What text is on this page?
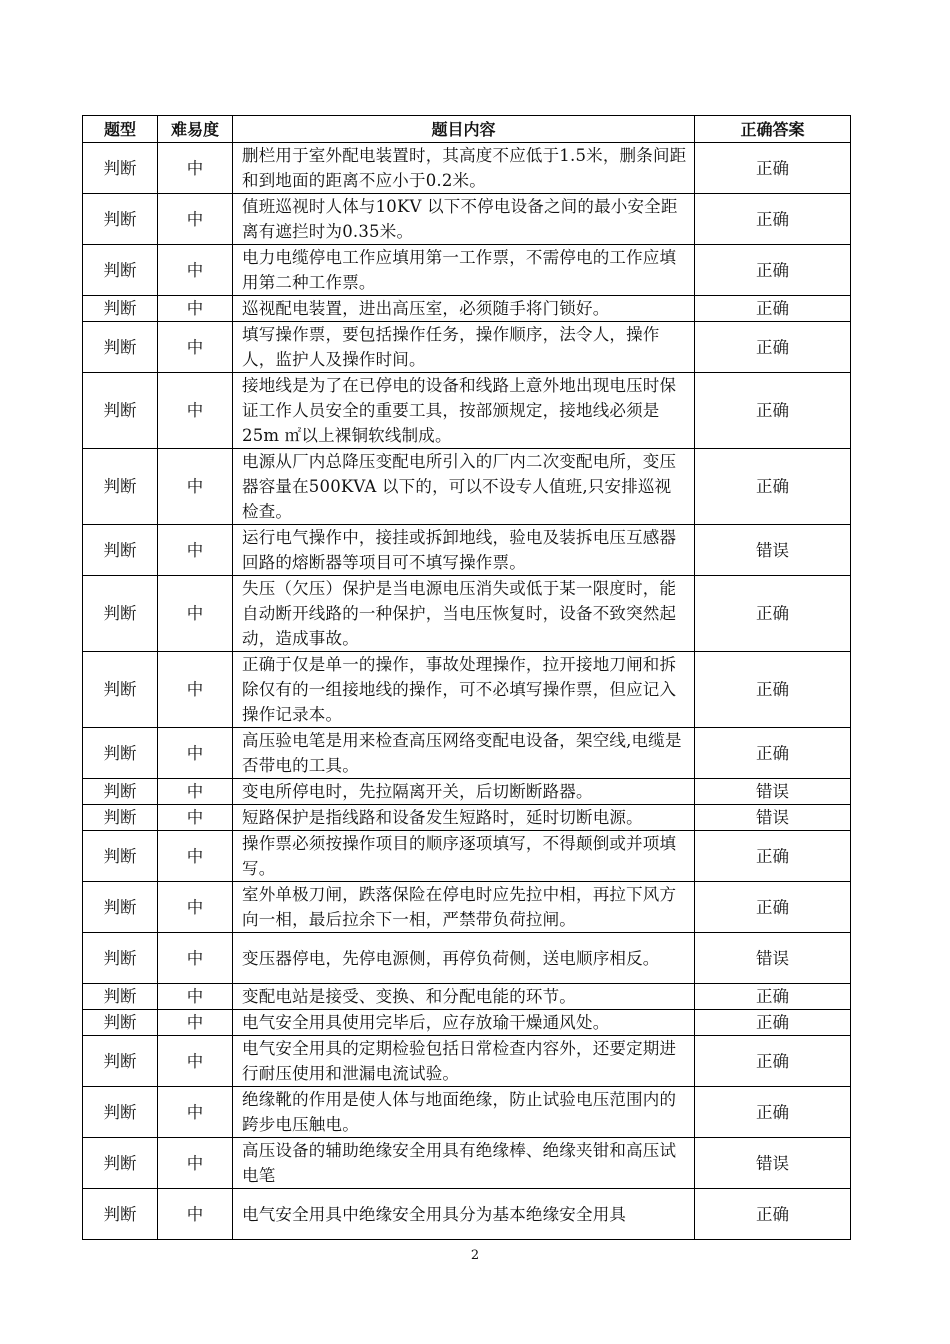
题型	难易度	题目内容	正确答案
判断	中	删栏用于室外配电装置时，其高度不应低于1.5米，删条间距和到地面的距离不应小于0.2米。	正确
判断	中	值班巡视时人体与10KV 以下不停电设备之间的最小安全距离有遮拦时为0.35米。	正确
判断	中	电力电缆停电工作应填用第一工作票，不需停电的工作应填用第二种工作票。	正确
判断	中	巡视配电装置，进出高压室，必须随手将门锁好。	正确
判断	中	填写操作票，要包括操作任务，操作顺序，法令人，操作人，监护人及操作时间。	正确
判断	中	接地线是为了在已停电的设备和线路上意外地出现电压时保证工作人员安全的重要工具，按部颁规定，接地线必须是25m ㎡以上裸铜软线制成。	正确
判断	中	电源从厂内总降压变配电所引入的厂内二次变配电所，变压器容量在500KVA 以下的，可以不设专人值班,只安排巡视检查。	正确
判断	中	运行电气操作中，接挂或拆卸地线，验电及装拆电压互感器回路的熔断器等项目可不填写操作票。	错误
判断	中	失压（欠压）保护是当电源电压消失或低于某一限度时，能自动断开线路的一种保护，当电压恢复时，设备不致突然起动，造成事故。	正确
判断	中	正确于仅是单一的操作，事故处理操作，拉开接地刀闸和拆除仅有的一组接地线的操作，可不必填写操作票，但应记入操作记录本。	正确
判断	中	高压验电笔是用来检查高压网络变配电设备，架空线,电缆是否带电的工具。	正确
判断	中	变电所停电时，先拉隔离开关，后切断断路器。	错误
判断	中	短路保护是指线路和设备发生短路时，延时切断电源。	错误
判断	中	操作票必须按操作项目的顺序逐项填写，不得颠倒或并项填写。	正确
判断	中	室外单极刀闸，跌落保险在停电时应先拉中相，再拉下风方向一相，最后拉余下一相，严禁带负荷拉闸。	正确
判断	中	变压器停电，先停电源侧，再停负荷侧，送电顺序相反。	错误
判断	中	变配电站是接受、变换、和分配电能的环节。	正确
判断	中	电气安全用具使用完毕后，应存放瑜干燥通风处。	正确
判断	中	电气安全用具的定期检验包括日常检查内容外，还要定期进行耐压使用和泄漏电流试验。	正确
判断	中	绝缘靴的作用是使人体与地面绝缘，防止试验电压范围内的跨步电压触电。	正确
判断	中	高压设备的辅助绝缘安全用具有绝缘棒、绝缘夹钳和高压试电笔	错误
判断	中	电气安全用具中绝缘安全用具分为基本绝缘安全用具	正确
2
